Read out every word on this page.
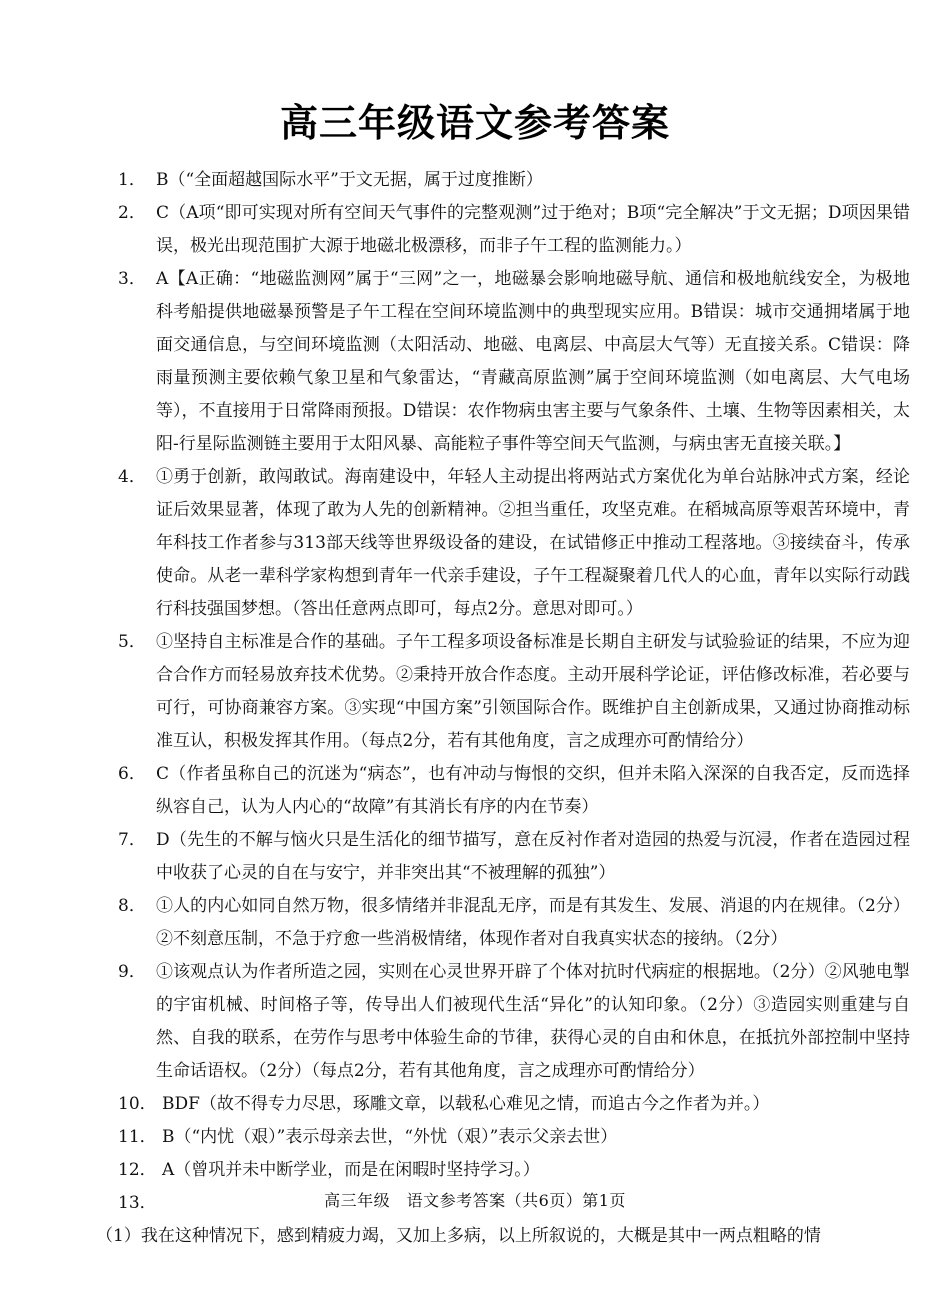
高三年级语文参考答案
1． B（“全面超越国际水平”于文无据，属于过度推断）
2． C（A项“即可实现对所有空间天气事件的完整观测”过于绝对；B项“完全解决”于文无据；D项因果错误，极光出现范围扩大源于地磁北极漂移，而非子午工程的监测能力。）
3． A【A正确：“地磁监测网”属于“三网”之一，地磁暴会影响地磁导航、通信和极地航线安全，为极地科考船提供地磁暴预警是子午工程在空间环境监测中的典型现实应用。B错误：城市交通拥堵属于地面交通信息，与空间环境监测（太阳活动、地磁、电离层、中高层大气等）无直接关系。C错误：降雨量预测主要依赖气象卫星和气象雷达，“青藏高原监测”属于空间环境监测（如电离层、大气电场等），不直接用于日常降雨预报。D错误：农作物病虫害主要与气象条件、土壤、生物等因素相关，太阳-行星际监测链主要用于太阳风暴、高能粒子事件等空间天气监测，与病虫害无直接关联。】
4． ①勇于创新，敢闯敢试。海南建设中，年轻人主动提出将两站式方案优化为单台站脉冲式方案，经论证后效果显著，体现了敢为人先的创新精神。②担当重任，攻坚克难。在稻城高原等艰苦环境中，青年科技工作者参与313部天线等世界级设备的建设，在试错修正中推动工程落地。③接续奋斗，传承使命。从老一辈科学家构想到青年一代亲手建设，子午工程凝聚着几代人的心血，青年以实际行动践行科技强国梦想。（答出任意两点即可，每点2分。意思对即可。）
5． ①坚持自主标准是合作的基础。子午工程多项设备标准是长期自主研发与试验验证的结果，不应为迎合合作方而轻易放弃技术优势。②秉持开放合作态度。主动开展科学论证，评估修改标准，若必要与可行，可协商兼容方案。③实现“中国方案”引领国际合作。既维护自主创新成果，又通过协商推动标准互认，积极发挥其作用。（每点2分，若有其他角度，言之成理亦可酌情给分）
6． C（作者虽称自己的沉迷为“病态”，也有冲动与悔恨的交织，但并未陷入深深的自我否定，反而选择纵容自己，认为人内心的“故障”有其消长有序的内在节奏）
7． D（先生的不解与恼火只是生活化的细节描写，意在反衬作者对造园的热爱与沉浸，作者在造园过程中收获了心灵的自在与安宁，并非突出其“不被理解的孤独”）
8． ①人的内心如同自然万物，很多情绪并非混乱无序，而是有其发生、发展、消退的内在规律。（2分）②不刻意压制，不急于疗愈一些消极情绪，体现作者对自我真实状态的接纳。（2分）
9． ①该观点认为作者所造之园，实则在心灵世界开辟了个体对抗时代病症的根据地。（2分）②风驰电掣的宇宙机械、时间格子等，传导出人们被现代生活“异化”的认知印象。（2分）③造园实则重建与自然、自我的联系，在劳作与思考中体验生命的节律，获得心灵的自由和休息，在抵抗外部控制中坚持生命话语权。（2分）（每点2分，若有其他角度，言之成理亦可酌情给分）
10． BDF（故不得专力尽思，琢雕文章，以载私心难见之情，而追古今之作者为并。）
11． B（“内忧（艰）”表示母亲去世，“外忧（艰）”表示父亲去世）
12． A（曾巩并未中断学业，而是在闲暇时坚持学习。）
13．

（1）我在这种情况下，感到精疲力竭，又加上多病，以上所叙说的，大概是其中一两点粗略的情
高三年级　语文参考答案（共6页）第1页
